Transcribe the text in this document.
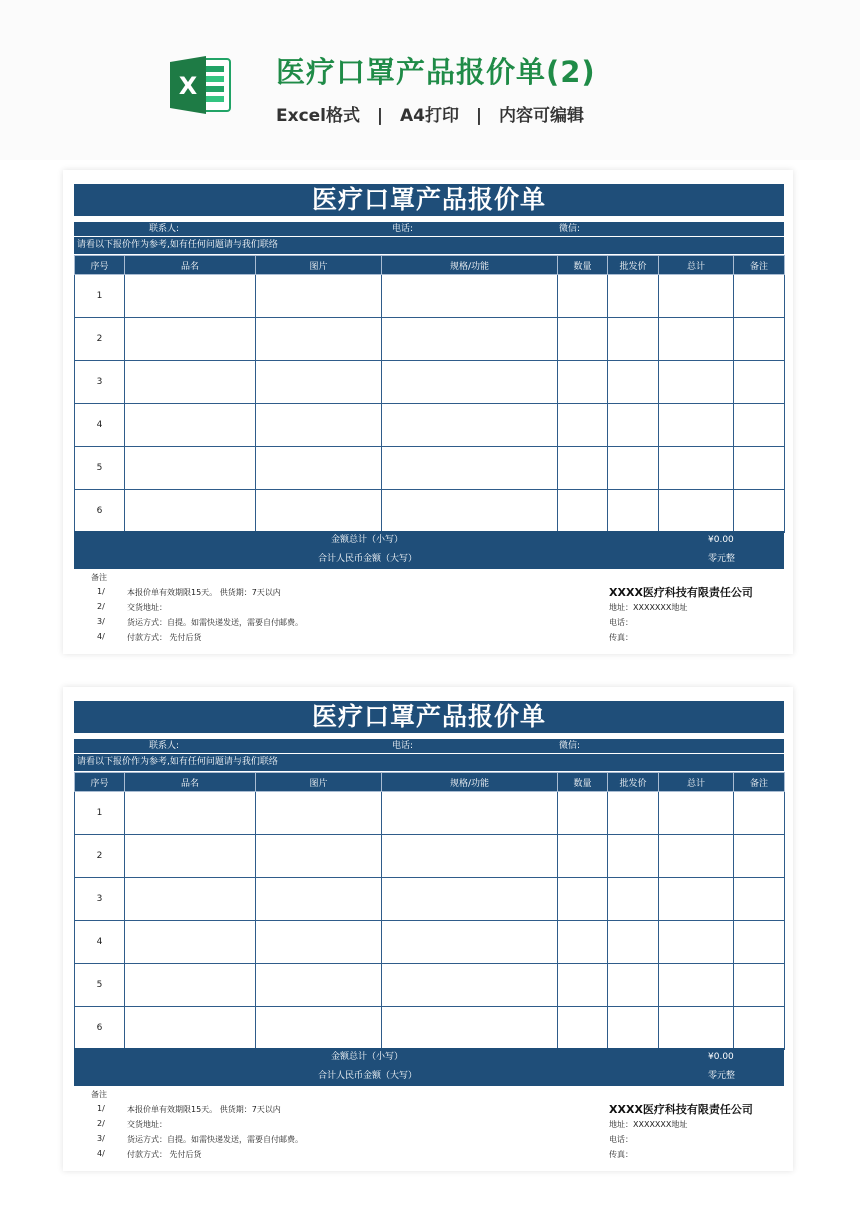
X	医疗口罩产品报价单(2)
Excel格式 | A4打印 | 内容可编辑
医疗口罩产品报价单
联系人:	电话:	微信:
请看以下报价作为参考,如有任何问题请与我们联络
序号	品名	图片	规格/功能	数量	批发价	总计	备注
1							
2							
3							
4							
5							
6							
金额总计（小写）	¥0.00
合计人民币金额（大写）	零元整
备注
1/	本报价单有效期限15天。 供货期：7天以内
2/	交货地址：
3/	货运方式：自提。如需快递发送，需要自付邮费。
4/	付款方式： 先付后货
XXXX医疗科技有限责任公司
地址：XXXXXXX地址
电话：
传真：
医疗口罩产品报价单
联系人:	电话:	微信:
请看以下报价作为参考,如有任何问题请与我们联络
序号	品名	图片	规格/功能	数量	批发价	总计	备注
1							
2							
3							
4							
5							
6							
金额总计（小写）	¥0.00
合计人民币金额（大写）	零元整
备注
1/	本报价单有效期限15天。 供货期：7天以内
2/	交货地址：
3/	货运方式：自提。如需快递发送，需要自付邮费。
4/	付款方式： 先付后货
XXXX医疗科技有限责任公司
地址：XXXXXXX地址
电话：
传真：
